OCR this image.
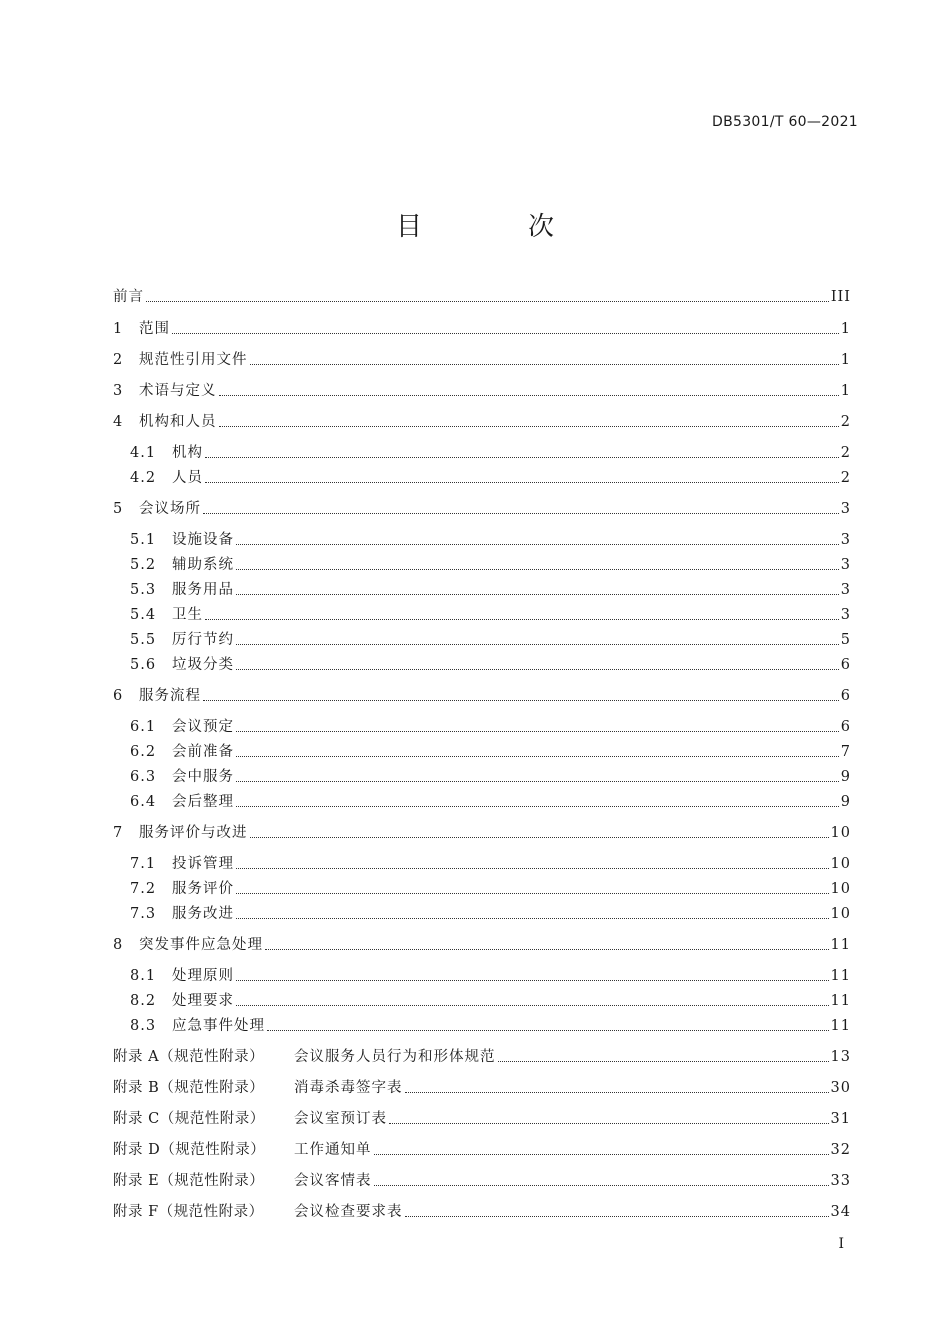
DB5301/T 60—2021
目　次
前言	III
1	范围	1
2	规范性引用文件	1
3	术语与定义	1
4	机构和人员	2
4.1	机构	2
4.2	人员	2
5	会议场所	3
5.1	设施设备	3
5.2	辅助系统	3
5.3	服务用品	3
5.4	卫生	3
5.5	厉行节约	5
5.6	垃圾分类	6
6	服务流程	6
6.1	会议预定	6
6.2	会前准备	7
6.3	会中服务	9
6.4	会后整理	9
7	服务评价与改进	10
7.1	投诉管理	10
7.2	服务评价	10
7.3	服务改进	10
8	突发事件应急处理	11
8.1	处理原则	11
8.2	处理要求	11
8.3	应急事件处理	11
附录 A（规范性附录）	会议服务人员行为和形体规范	13
附录 B（规范性附录）	消毒杀毒签字表	30
附录 C（规范性附录）	会议室预订表	31
附录 D（规范性附录）	工作通知单	32
附录 E（规范性附录）	会议客情表	33
附录 F（规范性附录）	会议检查要求表	34
I
